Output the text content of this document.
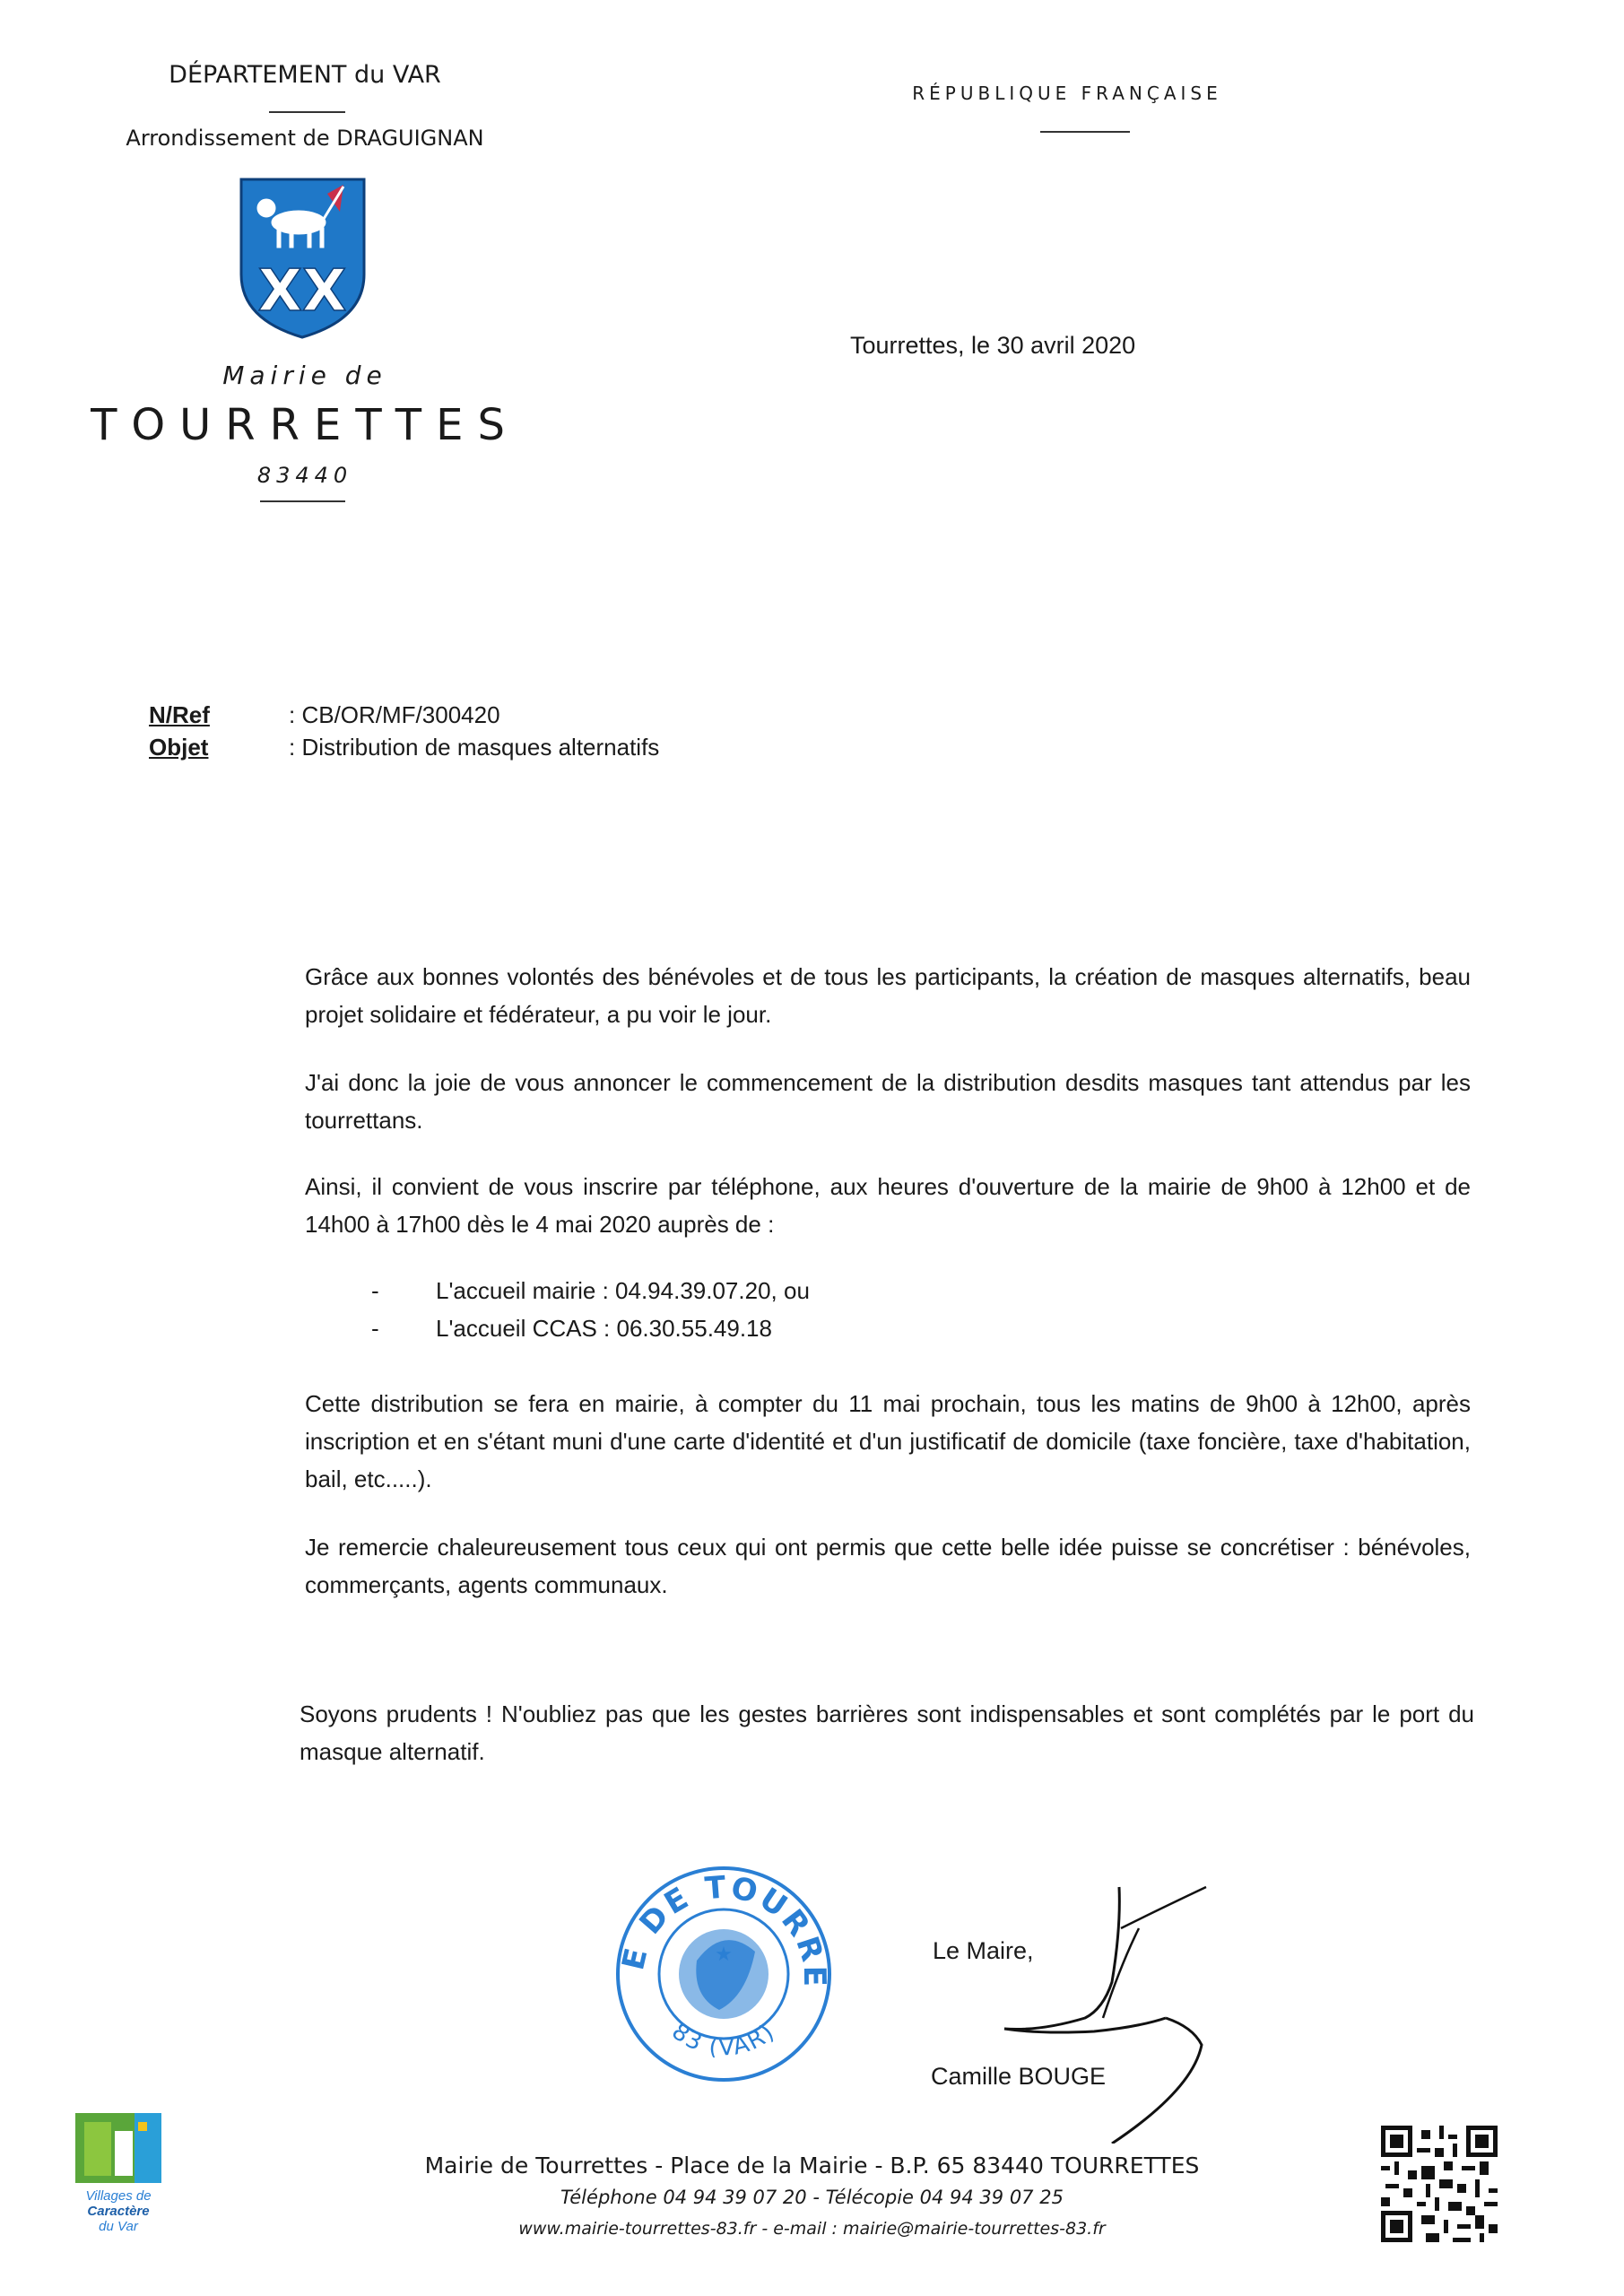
DÉPARTEMENT du VAR
Arrondissement de DRAGUIGNAN
XX
Mairie de
TOURRETTES
83440
RÉPUBLIQUE FRANÇAISE
Tourrettes, le 30 avril 2020
N/Ref	: CB/OR/MF/300420
Objet	: Distribution de masques alternatifs
Grâce aux bonnes volontés des bénévoles et de tous les participants, la création de masques alternatifs, beau projet solidaire et fédérateur, a pu voir le jour.
J'ai donc la joie de vous annoncer le commencement de la distribution desdits masques tant attendus par les tourrettans.
Ainsi, il convient de vous inscrire par téléphone, aux heures d'ouverture de la mairie de 9h00 à 12h00 et de 14h00 à 17h00 dès le 4 mai 2020 auprès de :
- L'accueil mairie : 04.94.39.07.20, ou
- L'accueil CCAS : 06.30.55.49.18
Cette distribution se fera en mairie, à compter du 11 mai prochain, tous les matins de 9h00 à 12h00, après inscription et en s'étant muni d'une carte d'identité et d'un justificatif de domicile (taxe foncière, taxe d'habitation, bail, etc.....).
Je remercie chaleureusement tous ceux qui ont permis que cette belle idée puisse se concrétiser : bénévoles, commerçants, agents communaux.
Soyons prudents ! N'oubliez pas que les gestes barrières sont indispensables et sont complétés par le port du masque alternatif.
E DE TOURRE
83 (VAR)
★	Le Maire,
Camille BOUGE
Villages de
Caractère
du Var
Mairie de Tourrettes - Place de la Mairie - B.P. 65 83440 TOURRETTES
Téléphone 04 94 39 07 20 - Télécopie 04 94 39 07 25
www.mairie-tourrettes-83.fr - e-mail : mairie@mairie-tourrettes-83.fr
